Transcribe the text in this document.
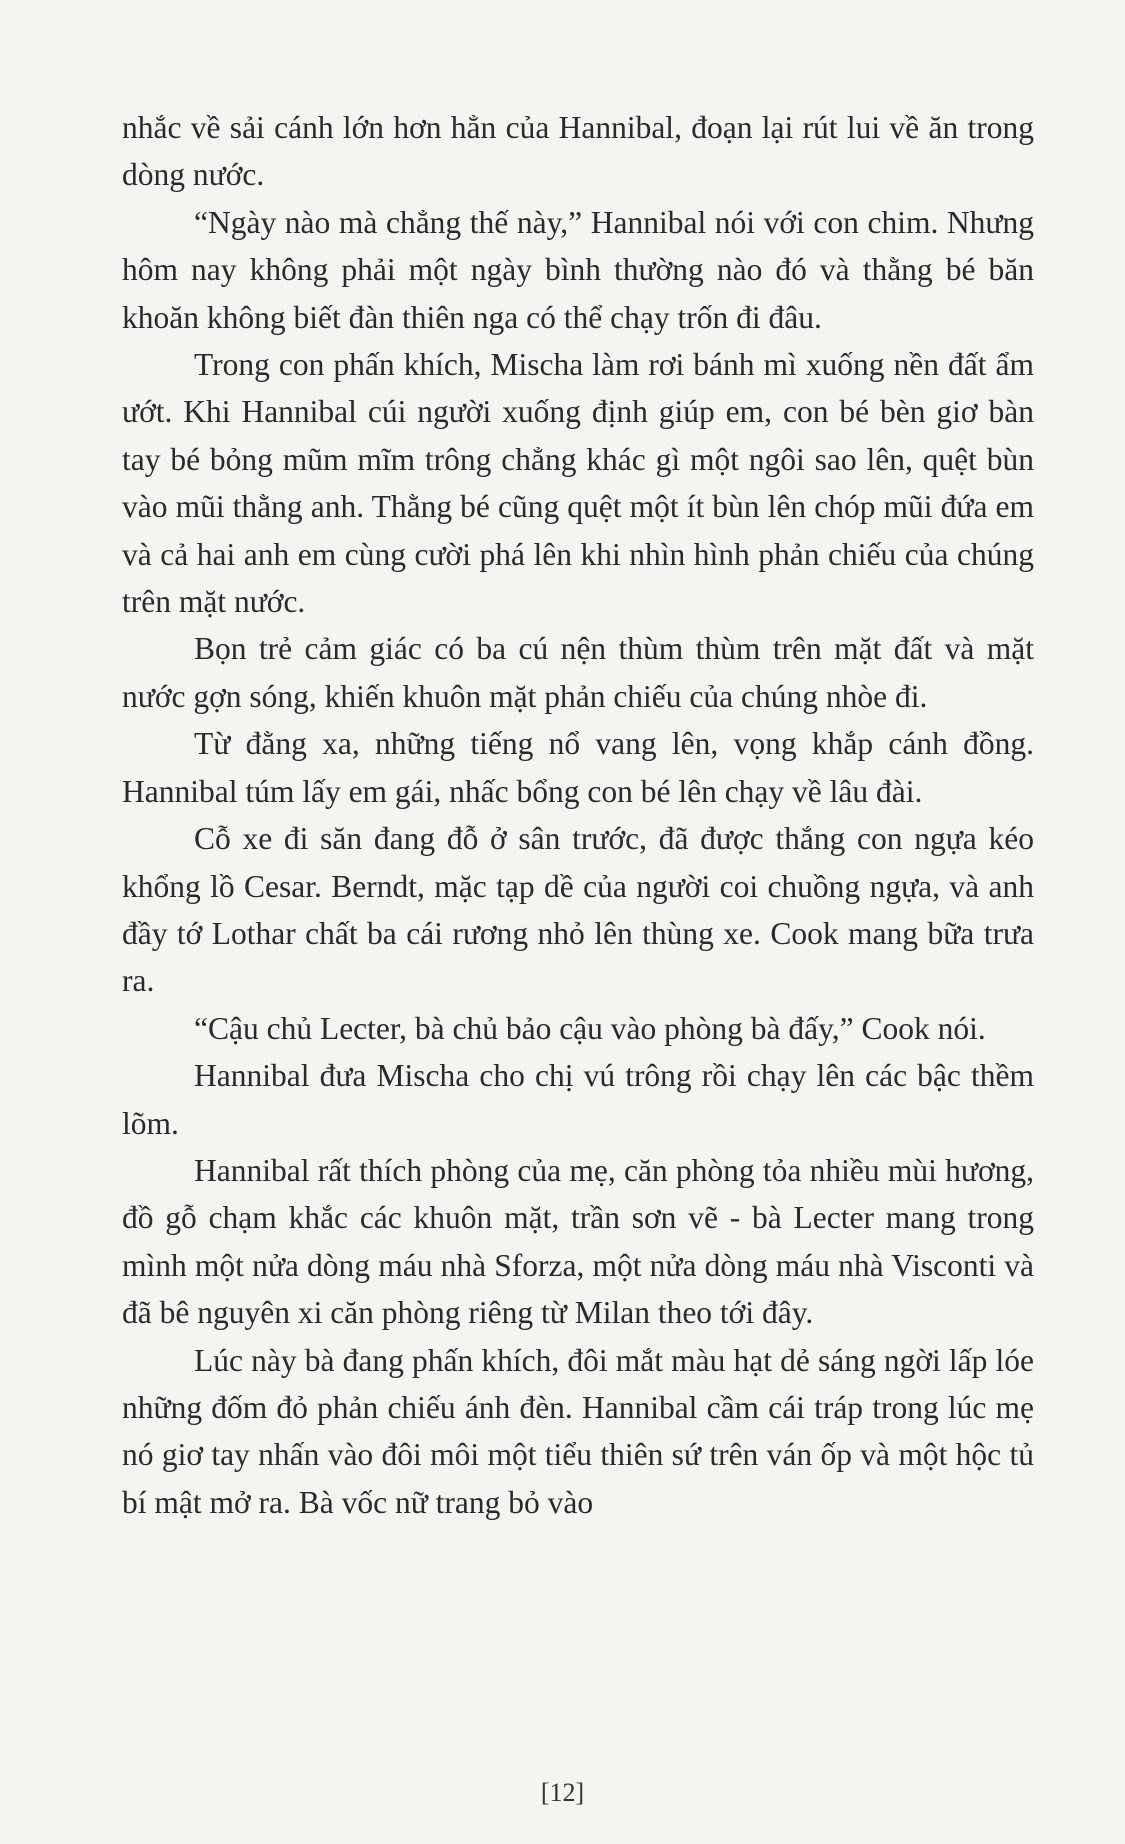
nhắc về sải cánh lớn hơn hẳn của Hannibal, đoạn lại rút lui về ăn trong dòng nước.

“Ngày nào mà chẳng thế này,” Hannibal nói với con chim. Nhưng hôm nay không phải một ngày bình thường nào đó và thằng bé băn khoăn không biết đàn thiên nga có thể chạy trốn đi đâu.

Trong con phấn khích, Mischa làm rơi bánh mì xuống nền đất ẩm ướt. Khi Hannibal cúi người xuống định giúp em, con bé bèn giơ bàn tay bé bỏng mũm mĩm trông chẳng khác gì một ngôi sao lên, quệt bùn vào mũi thằng anh. Thằng bé cũng quệt một ít bùn lên chóp mũi đứa em và cả hai anh em cùng cười phá lên khi nhìn hình phản chiếu của chúng trên mặt nước.

Bọn trẻ cảm giác có ba cú nện thùm thùm trên mặt đất và mặt nước gợn sóng, khiến khuôn mặt phản chiếu của chúng nhòe đi.

Từ đằng xa, những tiếng nổ vang lên, vọng khắp cánh đồng. Hannibal túm lấy em gái, nhấc bổng con bé lên chạy về lâu đài.

Cỗ xe đi săn đang đỗ ở sân trước, đã được thắng con ngựa kéo khổng lồ Cesar. Berndt, mặc tạp dề của người coi chuồng ngựa, và anh đầy tớ Lothar chất ba cái rương nhỏ lên thùng xe. Cook mang bữa trưa ra.

“Cậu chủ Lecter, bà chủ bảo cậu vào phòng bà đấy,” Cook nói.

Hannibal đưa Mischa cho chị vú trông rồi chạy lên các bậc thềm lõm.

Hannibal rất thích phòng của mẹ, căn phòng tỏa nhiều mùi hương, đồ gỗ chạm khắc các khuôn mặt, trần sơn vẽ - bà Lecter mang trong mình một nửa dòng máu nhà Sforza, một nửa dòng máu nhà Visconti và đã bê nguyên xi căn phòng riêng từ Milan theo tới đây.

Lúc này bà đang phấn khích, đôi mắt màu hạt dẻ sáng ngời lấp lóe những đốm đỏ phản chiếu ánh đèn. Hannibal cầm cái tráp trong lúc mẹ nó giơ tay nhấn vào đôi môi một tiểu thiên sứ trên ván ốp và một hộc tủ bí mật mở ra. Bà vốc nữ trang bỏ vào

[12]
